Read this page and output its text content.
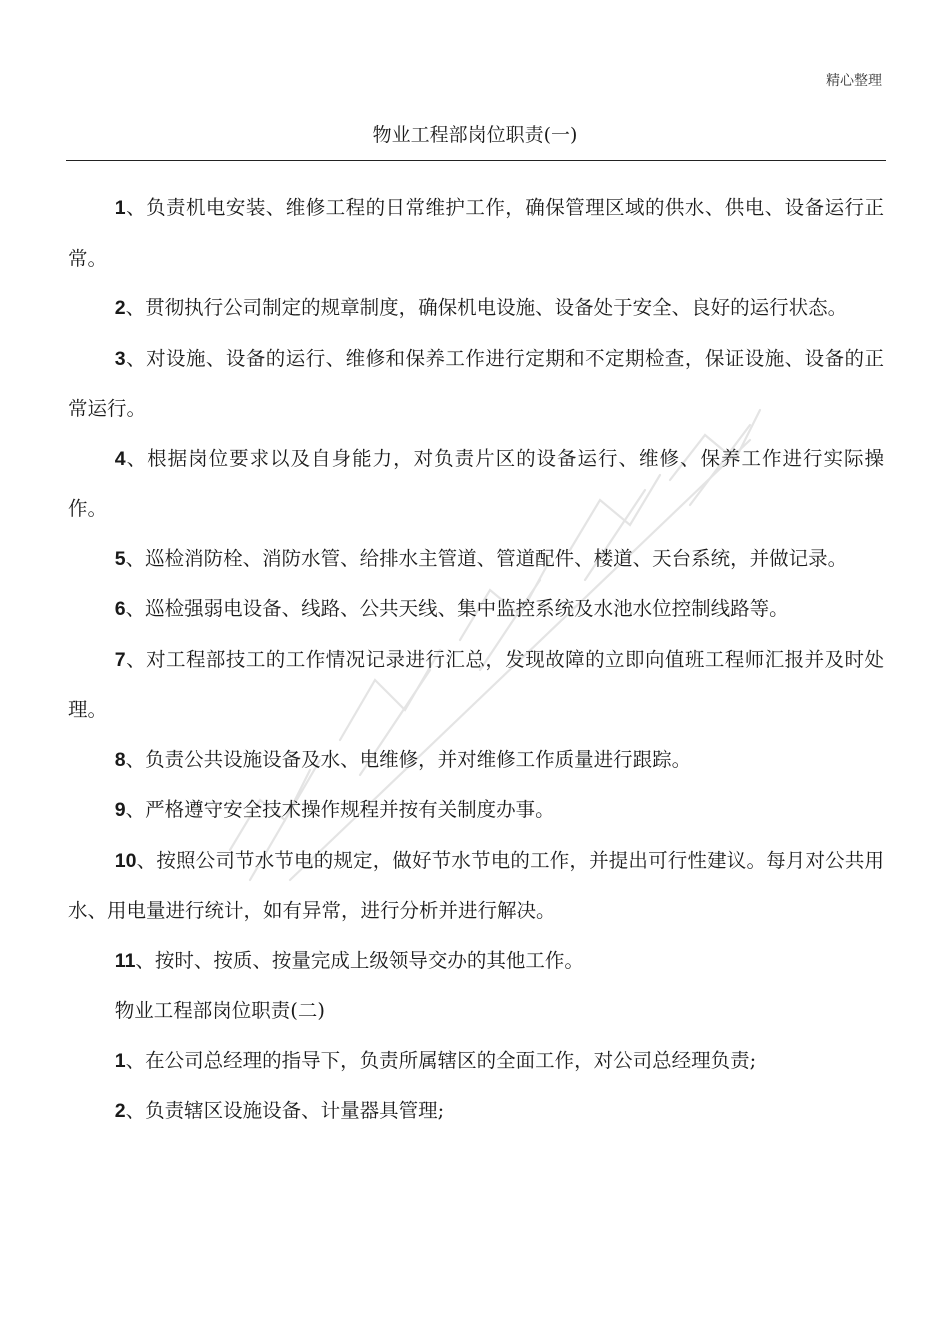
精心整理
物业工程部岗位职责(一)

1、负责机电安装、维修工程的日常维护工作，确保管理区域的供水、供电、设备运行正常。

2、贯彻执行公司制定的规章制度，确保机电设施、设备处于安全、良好的运行状态。

3、对设施、设备的运行、维修和保养工作进行定期和不定期检查，保证设施、设备的正常运行。

4、根据岗位要求以及自身能力，对负责片区的设备运行、维修、保养工作进行实际操作。

5、巡检消防栓、消防水管、给排水主管道、管道配件、楼道、天台系统，并做记录。

6、巡检强弱电设备、线路、公共天线、集中监控系统及水池水位控制线路等。

7、对工程部技工的工作情况记录进行汇总，发现故障的立即向值班工程师汇报并及时处理。

8、负责公共设施设备及水、电维修，并对维修工作质量进行跟踪。

9、严格遵守安全技术操作规程并按有关制度办事。

10、按照公司节水节电的规定，做好节水节电的工作，并提出可行性建议。每月对公共用水、用电量进行统计，如有异常，进行分析并进行解决。

11、按时、按质、按量完成上级领导交办的其他工作。

物业工程部岗位职责(二)

1、在公司总经理的指导下，负责所属辖区的全面工作，对公司总经理负责;

2、负责辖区设施设备、计量器具管理;
